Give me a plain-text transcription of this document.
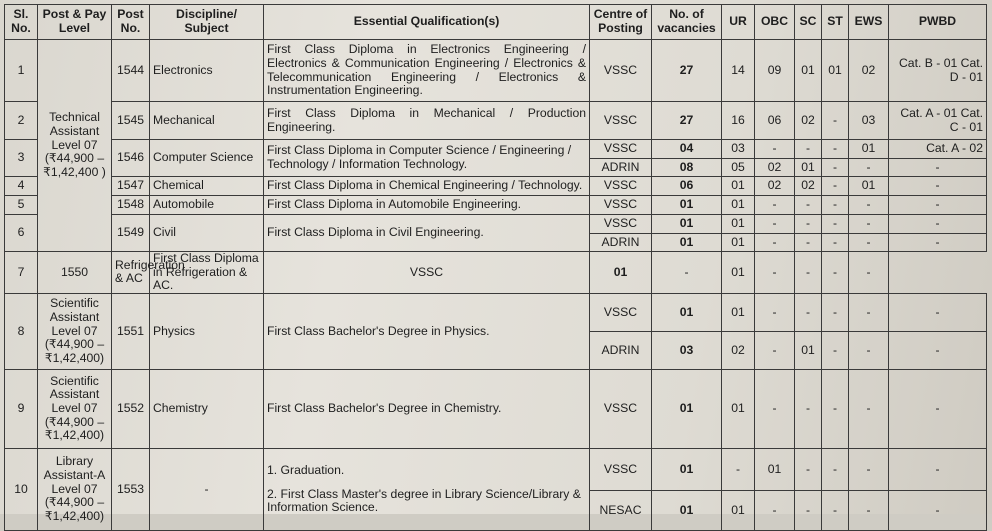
Sl. No.	Post & Pay Level	Post No.	Discipline/ Subject	Essential Qualification(s)	Centre of Posting	No. of vacancies	UR	OBC	SC	ST	EWS	PWBD
1	Technical Assistant Level 07 (₹44,900 – ₹1,42,400 )	1544	Electronics	First Class Diploma in Electronics Engineering / Electronics & Communication Engineering / Electronics & Telecommunication Engineering / Electronics & Instrumentation Engineering.	VSSC	27	14	09	01	01	02	Cat. B - 01 Cat. D - 01
2		1545	Mechanical	First Class Diploma in Mechanical / Production Engineering.	VSSC	27	16	06	02	-	03	Cat. A - 01 Cat. C - 01
3		1546	Computer Science	First Class Diploma in Computer Science / Engineering / Technology / Information Technology.	VSSC	04	03	-	-	-	01	Cat. A - 02
					ADRIN	08	05	02	01	-	-	-
4		1547	Chemical	First Class Diploma in Chemical Engineering / Technology.	VSSC	06	01	02	02	-	01	-
5		1548	Automobile	First Class Diploma in Automobile Engineering.	VSSC	01	01	-	-	-	-	-
6		1549	Civil	First Class Diploma in Civil Engineering.	VSSC	01	01	-	-	-	-	-
					ADRIN	01	01	-	-	-	-	-
7	1550	Refrigeration & AC	First Class Diploma in Refrigeration & AC.	VSSC	01	-	01	-	-	-	-	
8	Scientific Assistant Level 07 (₹44,900 – ₹1,42,400)	1551	Physics	First Class Bachelor's Degree in Physics.	VSSC	01	01	-	-	-	-	-
					ADRIN	03	02	-	01	-	-	-
9	Scientific Assistant Level 07 (₹44,900 – ₹1,42,400)	1552	Chemistry	First Class Bachelor's Degree in Chemistry.	VSSC	01	01	-	-	-	-	-
10	Library Assistant-A Level 07 (₹44,900 – ₹1,42,400)	1553	-	1. Graduation.
2. First Class Master's degree in Library Science/Library & Information Science.	VSSC	01	-	01	-	-	-	-
					NESAC	01	01	-	-	-	-	-
